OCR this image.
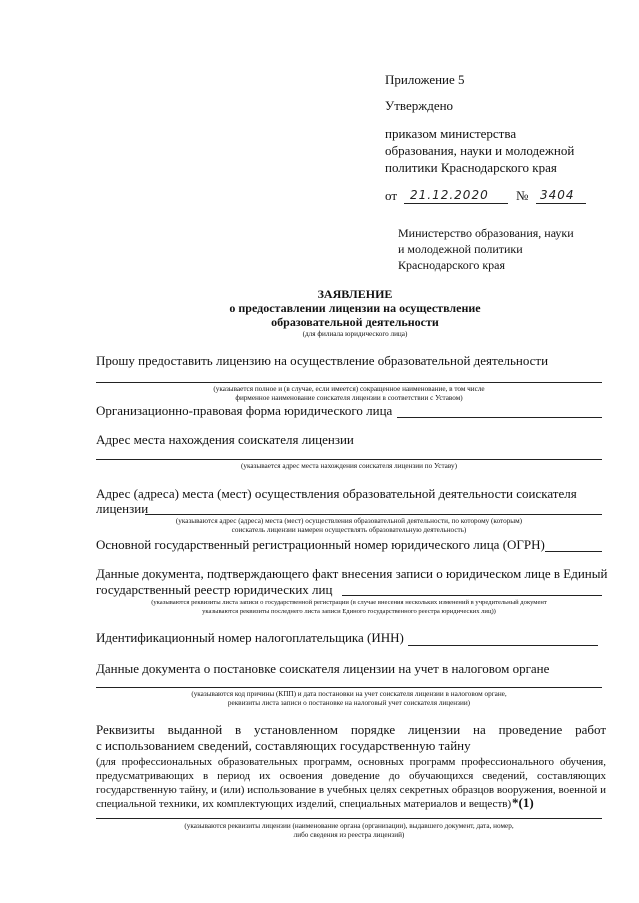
Приложение 5
Утверждено
приказом министерства
образования, науки и молодежной
политики Краснодарского края
от 21.12.2020 № 3404
Министерство образования, науки
и молодежной политики
Краснодарского края
ЗАЯВЛЕНИЕ
о предоставлении лицензии на осуществление
образовательной деятельности
(для филиала юридического лица)
Прошу предоставить лицензию на осуществление образовательной деятельности
(указывается полное и (в случае, если имеется) сокращенное наименование, в том числе
фирменное наименование соискателя лицензии в соответствии с Уставом)
Организационно-правовая форма юридического лица
Адрес места нахождения соискателя лицензии
(указывается адрес места нахождения соискателя лицензии по Уставу)
Адрес (адреса) места (мест) осуществления образовательной деятельности соискателя
лицензии
(указываются адрес (адреса) места (мест) осуществления образовательной деятельности, по которому (которым)
соискатель лицензии намерен осуществлять образовательную деятельность)
Основной государственный регистрационный номер юридического лица (ОГРН)
Данные документа, подтверждающего факт внесения записи о юридическом лице в Единый
государственный реестр юридических лиц
(указываются реквизиты листа записи о государственной регистрации (в случае внесения нескольких изменений в учредительный документ
указываются реквизиты последнего листа записи Единого государственного реестра юридических лиц))
Идентификационный номер налогоплательщика (ИНН)
Данные документа о постановке соискателя лицензии на учет в налоговом органе
(указываются код причины (КПП) и дата постановки на учет соискателя лицензии в налоговом органе,
реквизиты листа записи о постановке на налоговый учет соискателя лицензии)
Реквизиты выданной в установленном порядке лицензии на проведение работ
с использованием сведений, составляющих государственную тайну
(для профессиональных образовательных программ, основных программ профессионального обучения,
предусматривающих в период их освоения доведение до обучающихся сведений, составляющих
государственную тайну, и (или) использование в учебных целях секретных образцов вооружения, военной и
специальной техники, их комплектующих изделий, специальных материалов и веществ) *(1)
(указываются реквизиты лицензии (наименование органа (организации), выдавшего документ, дата, номер,
либо сведения из реестра лицензий)
